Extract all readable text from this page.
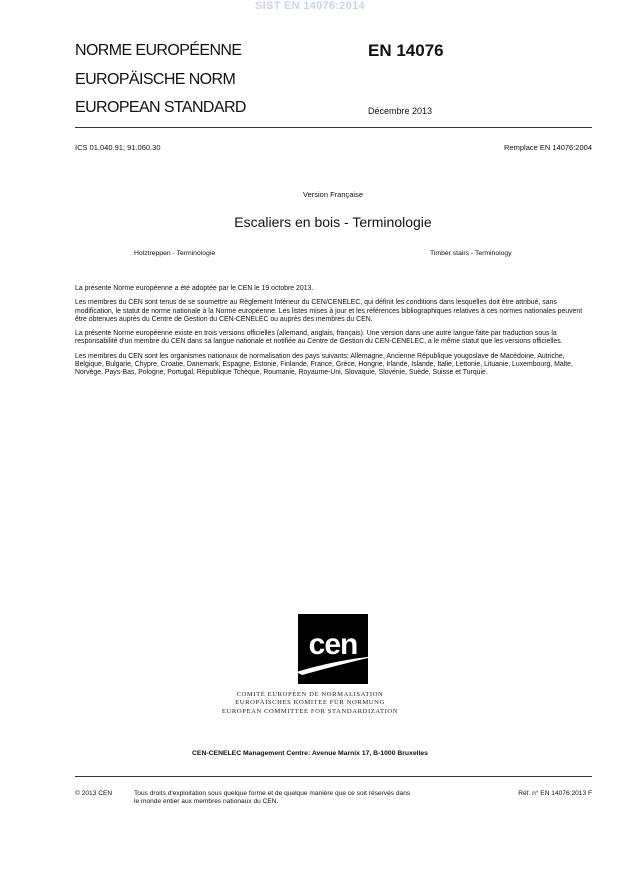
SIST EN 14076:2014
NORME EUROPÉENNE
EUROPÄISCHE NORM
EUROPEAN STANDARD
EN 14076
Décembre 2013
ICS 01.040.91; 91.060.30	Remplace EN 14076:2004
Version Française
Escaliers en bois - Terminologie
Holztreppen - Terminologie	Timber stairs - Terminology

La présente Norme européenne a été adoptée par le CEN le 19 octobre 2013.

Les membres du CEN sont tenus de se soumettre au Règlement Intérieur du CEN/CENELEC, qui définit les conditions dans lesquelles doit être attribué, sans modification, le statut de norme nationale à la Norme européenne. Les listes mises à jour et les références bibliographiques relatives à ces normes nationales peuvent être obtenues auprès du Centre de Gestion du CEN-CENELEC ou auprès des membres du CEN.

La présente Norme européenne existe en trois versions officielles (allemand, anglais, français). Une version dans une autre langue faite par traduction sous la responsabilité d'un membre du CEN dans sa langue nationale et notifiée au Centre de Gestion du CEN-CENELEC, a le même statut que les versions officielles.

Les membres du CEN sont les organismes nationaux de normalisation des pays suivants: Allemagne, Ancienne République yougoslave de Macédoine, Autriche, Belgique, Bulgarie, Chypre, Croatie, Danemark, Espagne, Estonie, Finlande, France, Grèce, Hongrie, Irlande, Islande, Italie, Lettonie, Lituanie, Luxembourg, Malte, Norvège, Pays-Bas, Pologne, Portugal, République Tchèque, Roumanie, Royaume-Uni, Slovaquie, Slovénie, Suède, Suisse et Turquie.

cen
COMITÉ EUROPÉEN DE NORMALISATION
EUROPÄISCHES KOMITEE FÜR NORMUNG
EUROPEAN COMMITTEE FOR STANDARDIZATION
CEN-CENELEC Management Centre: Avenue Marnix 17, B-1000 Bruxelles
© 2013 CEN	Tous droits d'exploitation sous quelque forme et de quelque manière que ce soit réservés dans le monde entier aux membres nationaux du CEN.
Réf. n° EN 14076:2013 F
